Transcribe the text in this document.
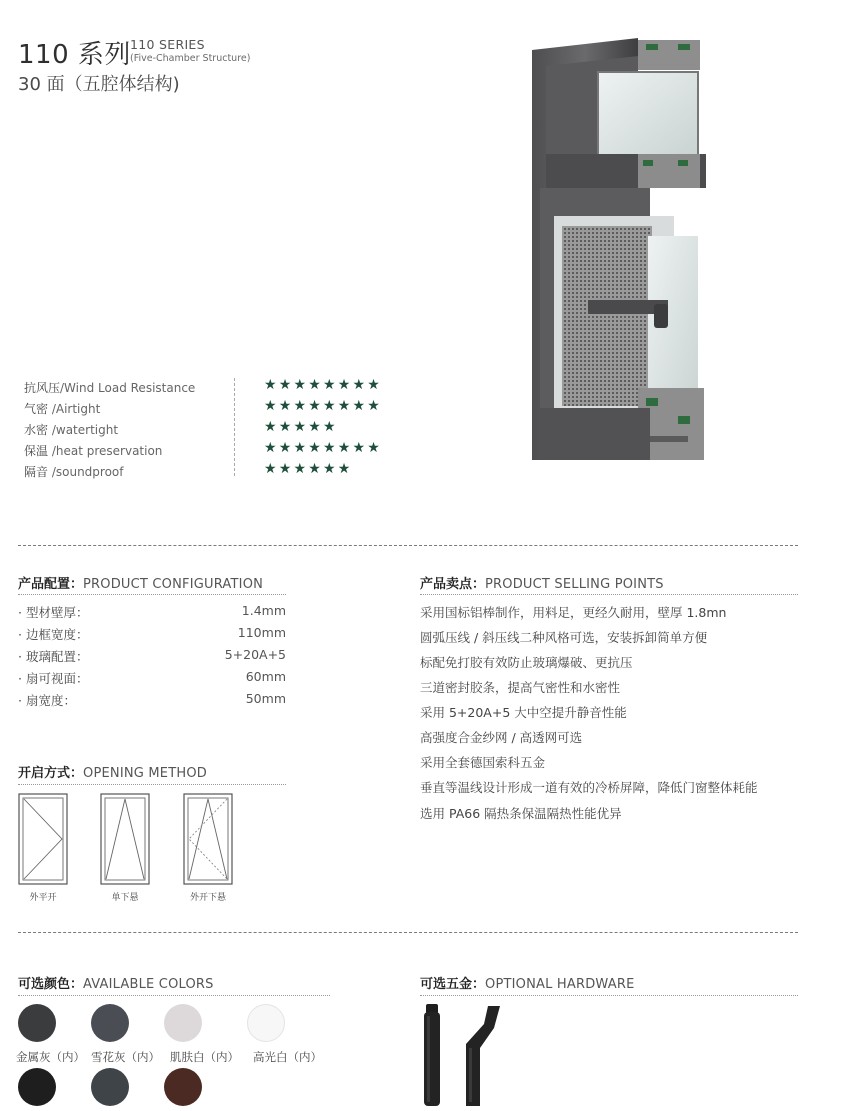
110 系列 110 SERIES
(Five-Chamber Structure)
30 面（五腔体结构)
抗风压/Wind Load Resistance	★★★★★★★★
气密 /Airtight	★★★★★★★★
水密 /watertight	★★★★★
保温 /heat preservation	★★★★★★★★
隔音 /soundproof	★★★★★★
产品配置：PRODUCT CONFIGURATION
· 型材壁厚：	1.4mm
· 边框宽度：	110mm
· 玻璃配置：	5+20A+5
· 扇可视面：	60mm
· 扇宽度：	50mm
产品卖点：PRODUCT SELLING POINTS
采用国标铝棒制作，用料足，更经久耐用，壁厚 1.8mn
圆弧压线 / 斜压线二种风格可选，安装拆卸简单方便
标配免打胶有效防止玻璃爆破、更抗压
三道密封胶条，提高气密性和水密性
采用 5+20A+5 大中空提升静音性能
高强度合金纱网 / 高透网可选
采用全套德国索科五金
垂直等温线设计形成一道有效的冷桥屏障，降低门窗整体耗能
选用 PA66 隔热条保温隔热性能优异
开启方式：OPENING METHOD
外平开	单下悬	外开下悬
可选颜色：AVAILABLE COLORS
金属灰（内） 雪花灰（内） 肌肤白（内） 高光白（内）
可选五金：OPTIONAL HARDWARE
